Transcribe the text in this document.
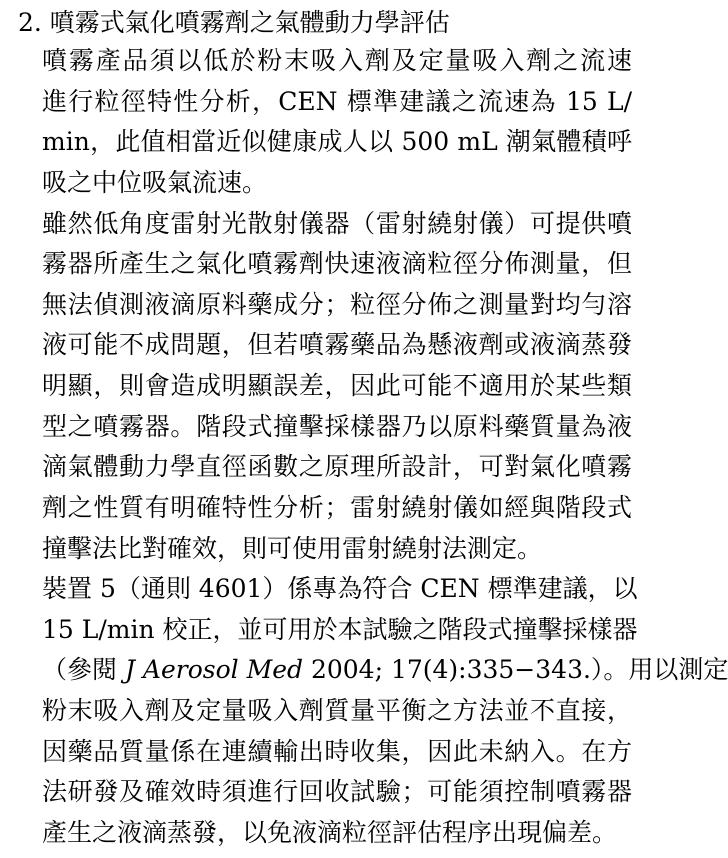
2. 噴霧式氣化噴霧劑之氣體動力學評估
噴霧產品須以低於粉末吸入劑及定量吸入劑之流速
進行粒徑特性分析，CEN 標準建議之流速為 15 L/
min，此值相當近似健康成人以 500 mL 潮氣體積呼
吸之中位吸氣流速。
雖然低角度雷射光散射儀器（雷射繞射儀）可提供噴
霧器所產生之氣化噴霧劑快速液滴粒徑分佈測量，但
無法偵測液滴原料藥成分；粒徑分佈之測量對均勻溶
液可能不成問題，但若噴霧藥品為懸液劑或液滴蒸發
明顯，則會造成明顯誤差，因此可能不適用於某些類
型之噴霧器。階段式撞擊採樣器乃以原料藥質量為液
滴氣體動力學直徑函數之原理所設計，可對氣化噴霧
劑之性質有明確特性分析；雷射繞射儀如經與階段式
撞擊法比對確效，則可使用雷射繞射法測定。
裝置 5（通則 4601）係專為符合 CEN 標準建議，以
15 L/min 校正，並可用於本試驗之階段式撞擊採樣器
（參閱 J Aerosol Med 2004; 17(4):335−343.）。用以測定
粉末吸入劑及定量吸入劑質量平衡之方法並不直接，
因藥品質量係在連續輸出時收集，因此未納入。在方
法研發及確效時須進行回收試驗；可能須控制噴霧器
產生之液滴蒸發，以免液滴粒徑評估程序出現偏差。
